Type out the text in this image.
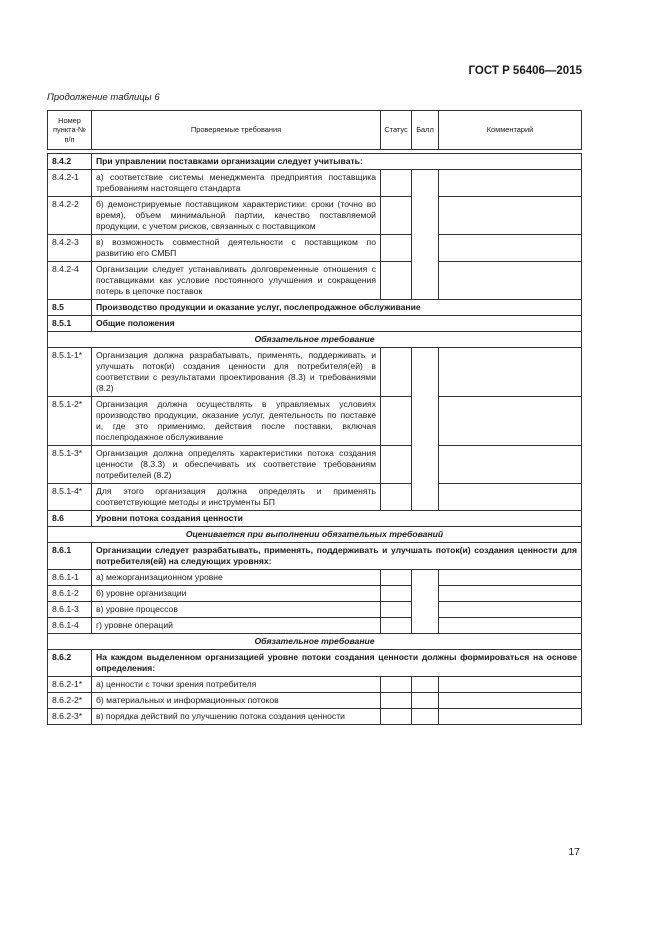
ГОСТ Р 56406—2015
Продолжение таблицы 6
Номер пункта-№ п/п	Проверяемые требования	Статус	Балл	Комментарий

8.4.2	При управлении поставками организации следует учитывать:			
8.4.2-1	а) соответствие системы менеджмента предприятия поставщика требованиям настоящего стандарта			
8.4.2-2	б) демонстрируемые поставщиком характеристики: сроки (точно во время), объем минимальной партии, качество поставляемой продукции, с учетом рисков, связанных с поставщиком			
8.4.2-3	в) возможность совместной деятельности с поставщиком по развитию его СМБП			
8.4.2-4	Организации следует устанавливать долговременные отношения с поставщиками как условие постоянного улучшения и сокращения потерь в цепочке поставок			
8.5	Производство продукции и оказание услуг, послепродажное обслуживание			
8.5.1	Общие положения			
Обязательное требование				
8.5.1-1*	Организация должна разрабатывать, применять, поддерживать и улучшать поток(и) создания ценности для потребителя(ей) в соответствии с результатами проектирования (8.3) и требованиями (8.2)			
8.5.1-2*	Организация должна осуществлять в управляемых условиях производство продукции, оказание услуг, деятельность по поставке и, где это применимо, действия после поставки, включая послепродажное обслуживание			
8.5.1-3*	Организация должна определять характеристики потока создания ценности (8.3.3) и обеспечивать их соответствие требованиям потребителей (8.2)			
8.5.1-4*	Для этого организация должна определять и применять соответствующие методы и инструменты БП			
8.6	Уровни потока создания ценности			
Оценивается при выполнении обязательных требований				
8.6.1	Организации следует разрабатывать, применять, поддерживать и улучшать поток(и) создания ценности для потребителя(ей) на следующих уровнях:			
8.6.1-1	а) межорганизационном уровне			
8.6.1-2	б) уровне организации			
8.6.1-3	в) уровне процессов			
8.6.1-4	г) уровне операций			
Обязательное требование				
8.6.2	На каждом выделенном организацией уровне потоки создания ценности должны формироваться на основе определения:			
8.6.2-1*	а) ценности с точки зрения потребителя			
8.6.2-2*	б) материальных и информационных потоков			
8.6.2-3*	в) порядка действий по улучшению потока создания ценности			
17
